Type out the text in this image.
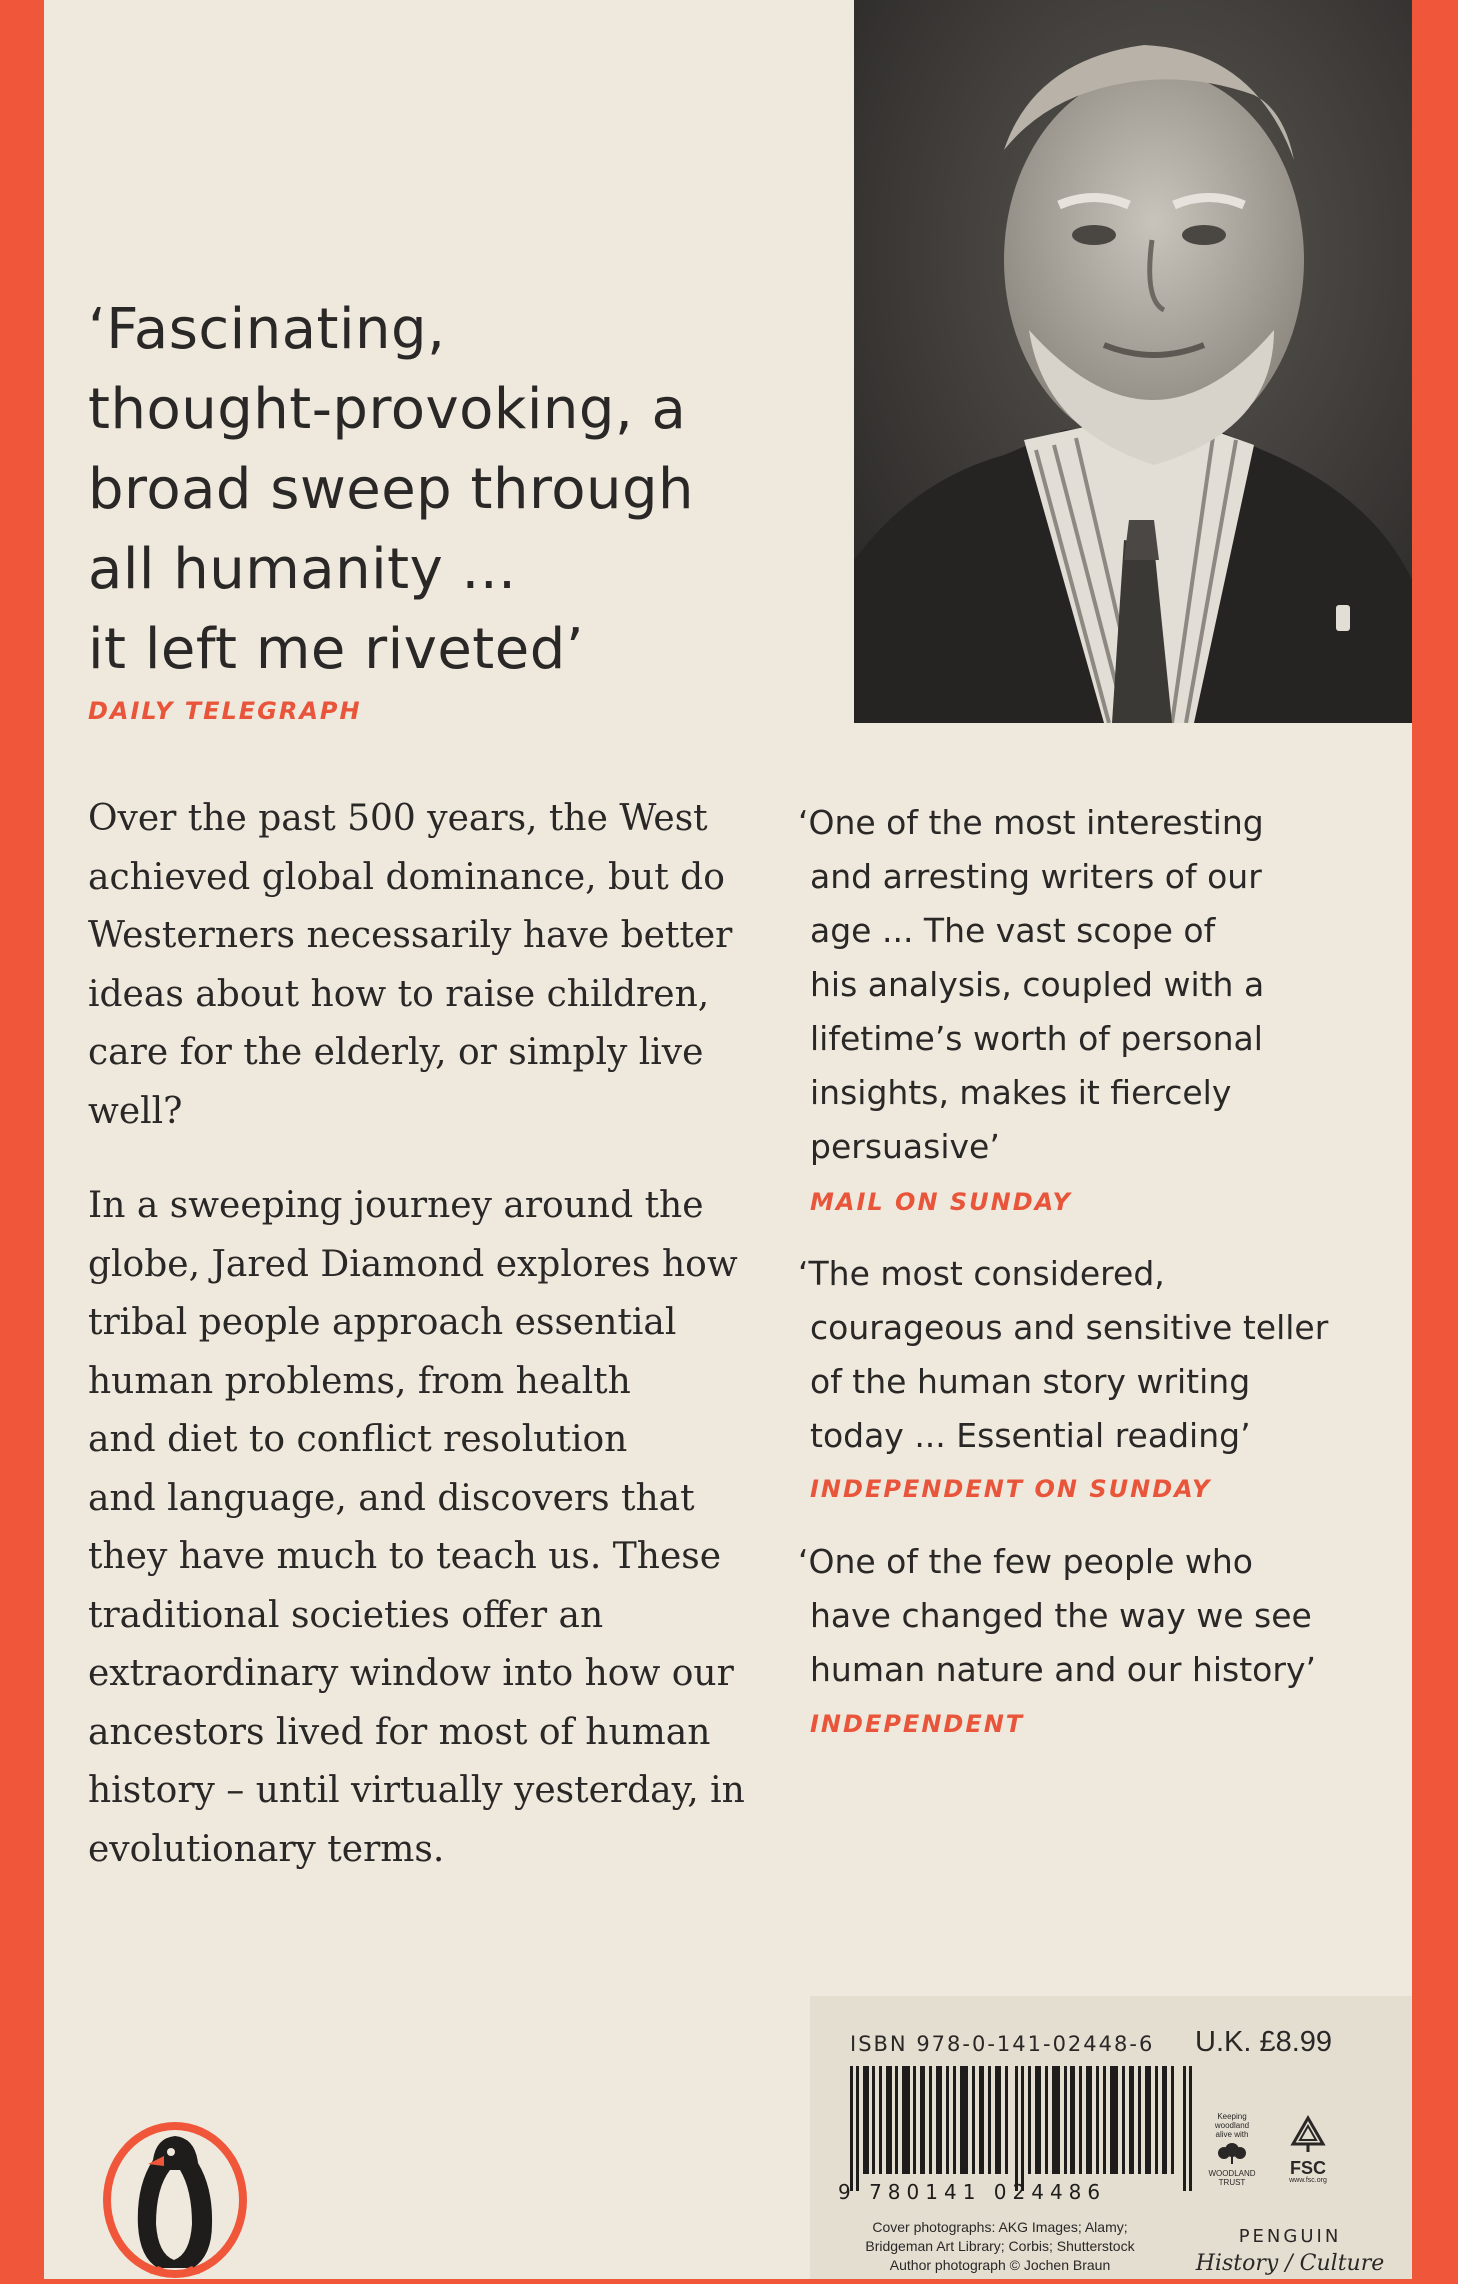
‘Fascinating,
thought-provoking, a
broad sweep through
all humanity ...
it left me riveted’
DAILY TELEGRAPH
Over the past 500 years, the West
achieved global dominance, but do
Westerners necessarily have better
ideas about how to raise children,
care for the elderly, or simply live
well?
In a sweeping journey around the
globe, Jared Diamond explores how
tribal people approach essential
human problems, from health
and diet to conflict resolution
and language, and discovers that
they have much to teach us. These
traditional societies offer an
extraordinary window into how our
ancestors lived for most of human
history – until virtually yesterday, in
evolutionary terms.
‘One of the most interesting
and arresting writers of our
age ... The vast scope of
his analysis, coupled with a
lifetime’s worth of personal
insights, makes it fiercely
persuasive’
MAIL ON SUNDAY
‘The most considered,
courageous and sensitive teller
of the human story writing
today ... Essential reading’
INDEPENDENT ON SUNDAY
‘One of the few people who
have changed the way we see
human nature and our history’
INDEPENDENT
ISBN 978-0-141-02448-6 U.K. £8.99
9 780141 024486
Cover photographs: AKG Images; Alamy;
Bridgeman Art Library; Corbis; Shutterstock
Author photograph © Jochen Braun
Keeping
woodland
alive with
WOODLAND
TRUST
FSC
www.fsc.org
PENGUIN
History / Culture
